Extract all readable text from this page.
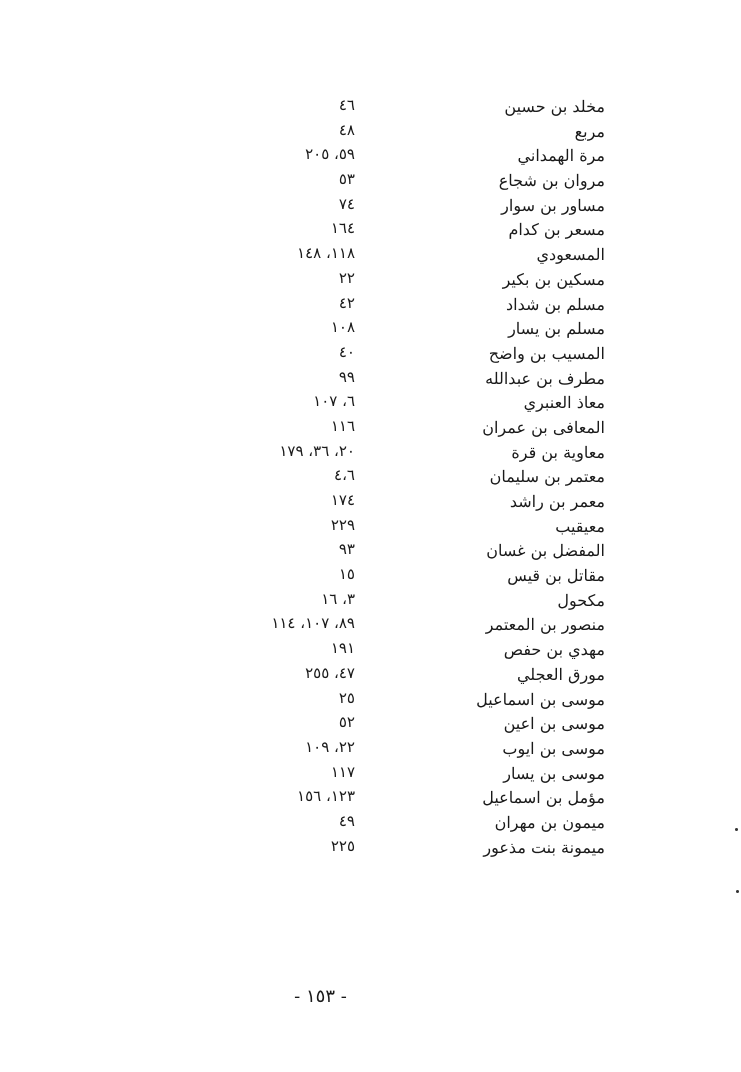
مخلد بن حسين
٤٦
مربع
٤٨
مرة الهمداني
٥٩، ٢٠٥
مروان بن شجاع
٥٣
مساور بن سوار
٧٤
مسعر بن كدام
١٦٤
المسعودي
١١٨، ١٤٨
مسكين بن بكير
٢٢
مسلم بن شداد
٤٢
مسلم بن يسار
١٠٨
المسيب بن واضح
٤٠
مطرف بن عبدالله
٩٩
معاذ العنبري
٦، ١٠٧
المعافى بن عمران
١١٦
معاوية بن قرة
٢٠، ٣٦، ١٧٩
معتمر بن سليمان
٤،٦
معمر بن راشد
١٧٤
معيقيب
٢٢٩
المفضل بن غسان
٩٣
مقاتل بن قيس
١٥
مكحول
٣، ١٦
منصور بن المعتمر
٨٩، ١٠٧، ١١٤
مهدي بن حفص
١٩١
مورق العجلي
٤٧، ٢٥٥
موسى بن اسماعيل
٢٥
موسى بن اعين
٥٢
موسى بن ايوب
٢٢، ١٠٩
موسى بن يسار
١١٧
مؤمل بن اسماعيل
١٢٣، ١٥٦
ميمون بن مهران
٤٩
ميمونة بنت مذعور
٢٢٥
- ١٥٣ -
